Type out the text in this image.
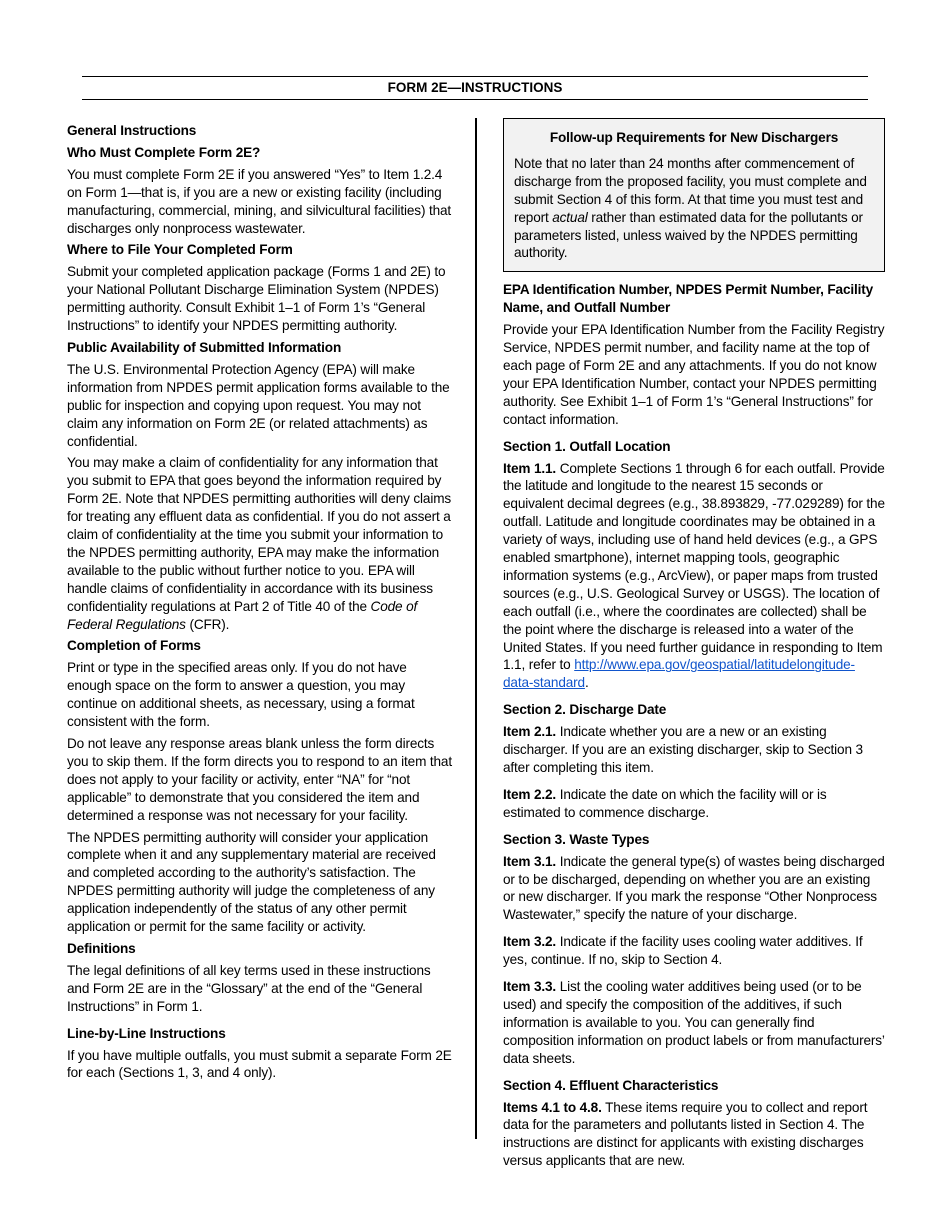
FORM 2E—INSTRUCTIONS
General Instructions
Who Must Complete Form 2E?

You must complete Form 2E if you answered “Yes” to Item 1.2.4 on Form 1—that is, if you are a new or existing facility (including manufacturing, commercial, mining, and silvicultural facilities) that discharges only nonprocess wastewater.

Where to File Your Completed Form

Submit your completed application package (Forms 1 and 2E) to your National Pollutant Discharge Elimination System (NPDES) permitting authority. Consult Exhibit 1–1 of Form 1’s “General Instructions” to identify your NPDES permitting authority.

Public Availability of Submitted Information

The U.S. Environmental Protection Agency (EPA) will make information from NPDES permit application forms available to the public for inspection and copying upon request. You may not claim any information on Form 2E (or related attachments) as confidential.

You may make a claim of confidentiality for any information that you submit to EPA that goes beyond the information required by Form 2E. Note that NPDES permitting authorities will deny claims for treating any effluent data as confidential. If you do not assert a claim of confidentiality at the time you submit your information to the NPDES permitting authority, EPA may make the information available to the public without further notice to you. EPA will handle claims of confidentiality in accordance with its business confidentiality regulations at Part 2 of Title 40 of the Code of Federal Regulations (CFR).

Completion of Forms

Print or type in the specified areas only. If you do not have enough space on the form to answer a question, you may continue on additional sheets, as necessary, using a format consistent with the form.

Do not leave any response areas blank unless the form directs you to skip them. If the form directs you to respond to an item that does not apply to your facility or activity, enter “NA” for “not applicable” to demonstrate that you considered the item and determined a response was not necessary for your facility.

The NPDES permitting authority will consider your application complete when it and any supplementary material are received and completed according to the authority’s satisfaction. The NPDES permitting authority will judge the completeness of any application independently of the status of any other permit application or permit for the same facility or activity.

Definitions

The legal definitions of all key terms used in these instructions and Form 2E are in the “Glossary” at the end of the “General Instructions” in Form 1.

Line-by-Line Instructions

If you have multiple outfalls, you must submit a separate Form 2E for each (Sections 1, 3, and 4 only).

Follow-up Requirements for New Dischargers

Note that no later than 24 months after commencement of discharge from the proposed facility, you must complete and submit Section 4 of this form. At that time you must test and report actual rather than estimated data for the pollutants or parameters listed, unless waived by the NPDES permitting authority.

EPA Identification Number, NPDES Permit Number, Facility Name, and Outfall Number

Provide your EPA Identification Number from the Facility Registry Service, NPDES permit number, and facility name at the top of each page of Form 2E and any attachments. If you do not know your EPA Identification Number, contact your NPDES permitting authority. See Exhibit 1–1 of Form 1’s “General Instructions” for contact information.

Section 1. Outfall Location

Item 1.1. Complete Sections 1 through 6 for each outfall. Provide the latitude and longitude to the nearest 15 seconds or equivalent decimal degrees (e.g., 38.893829, -77.029289) for the outfall. Latitude and longitude coordinates may be obtained in a variety of ways, including use of hand held devices (e.g., a GPS enabled smartphone), internet mapping tools, geographic information systems (e.g., ArcView), or paper maps from trusted sources (e.g., U.S. Geological Survey or USGS). The location of each outfall (i.e., where the coordinates are collected) shall be the point where the discharge is released into a water of the United States. If you need further guidance in responding to Item 1.1, refer to http://www.epa.gov/geospatial/latitudelongitude-data-standard.

Section 2. Discharge Date

Item 2.1. Indicate whether you are a new or an existing discharger. If you are an existing discharger, skip to Section 3 after completing this item.

Item 2.2. Indicate the date on which the facility will or is estimated to commence discharge.

Section 3. Waste Types

Item 3.1. Indicate the general type(s) of wastes being discharged or to be discharged, depending on whether you are an existing or new discharger. If you mark the response “Other Nonprocess Wastewater,” specify the nature of your discharge.

Item 3.2. Indicate if the facility uses cooling water additives. If yes, continue. If no, skip to Section 4.

Item 3.3. List the cooling water additives being used (or to be used) and specify the composition of the additives, if such information is available to you. You can generally find composition information on product labels or from manufacturers’ data sheets.

Section 4. Effluent Characteristics

Items 4.1 to 4.8. These items require you to collect and report data for the parameters and pollutants listed in Section 4. The instructions are distinct for applicants with existing discharges versus applicants that are new.
